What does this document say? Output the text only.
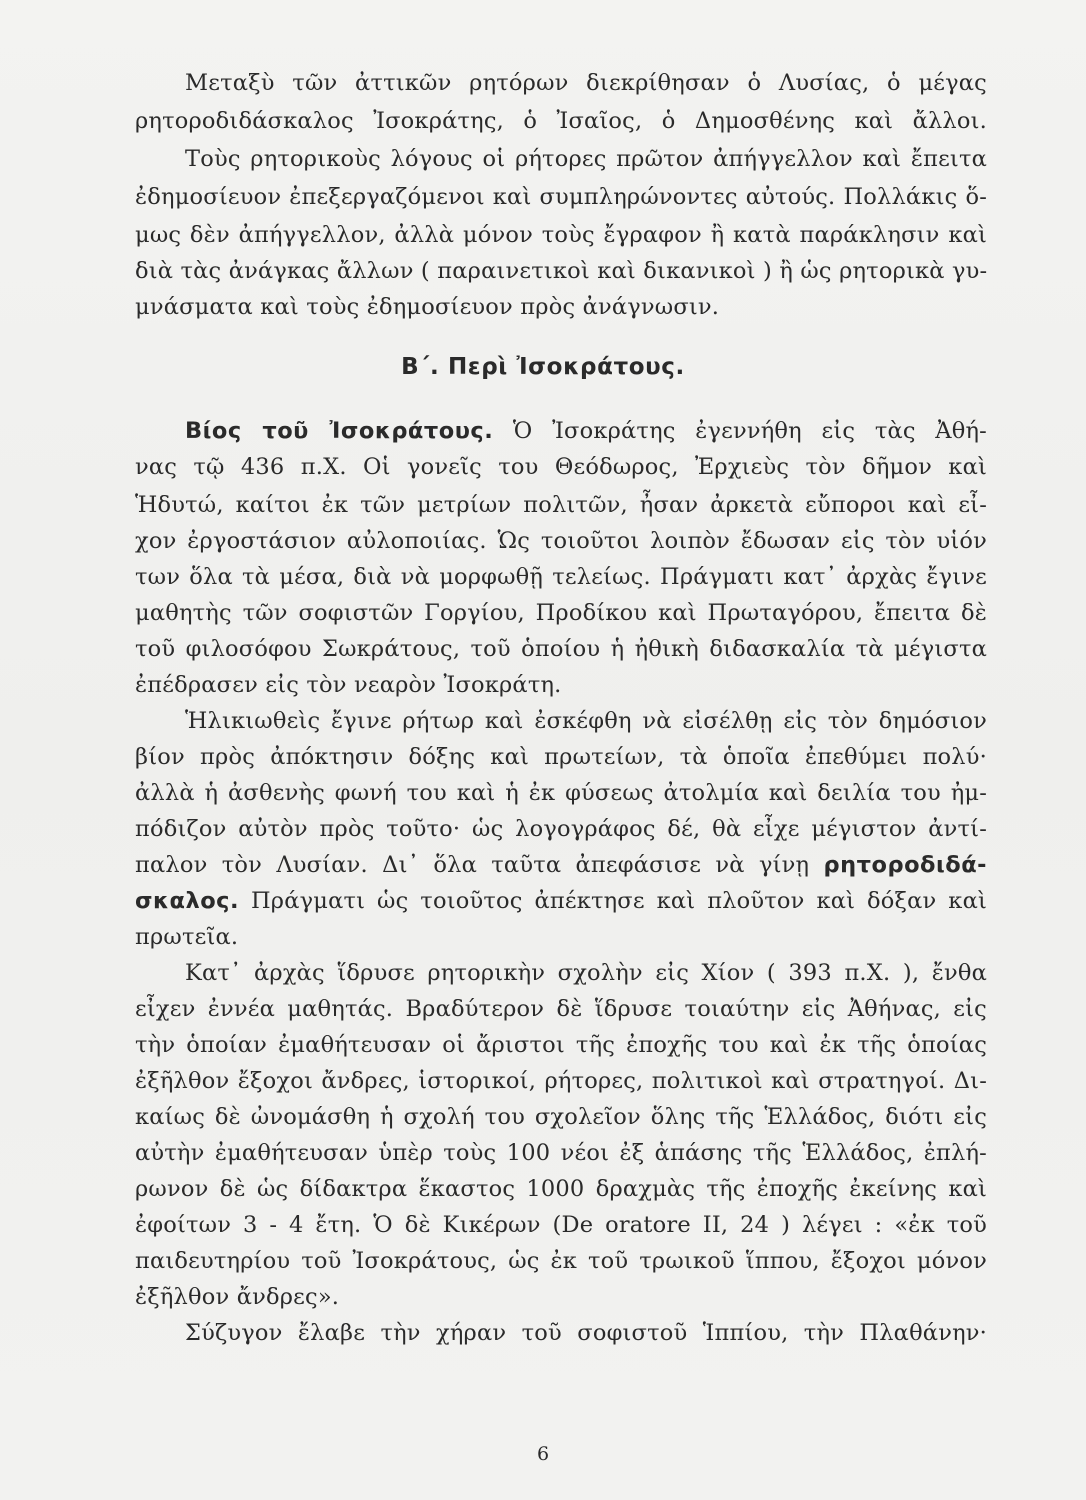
Μεταξὺ τῶν ἀττικῶν ρητόρων διεκρίθησαν ὁ Λυσίας, ὁ μέγας
ρητοροδιδάσκαλος Ἰσοκράτης, ὁ Ἰσαῖος, ὁ Δημοσθένης καὶ ἄλλοι.
Τοὺς ρητορικοὺς λόγους οἱ ρήτορες πρῶτον ἀπήγγελλον καὶ ἔπειτα
ἐδημοσίευον ἐπεξεργαζόμενοι καὶ συμπληρώνοντες αὐτούς. Πολλάκις ὅ-
μως δὲν ἀπήγγελλον, ἀλλὰ μόνον τοὺς ἔγραφον ἢ κατὰ παράκλησιν καὶ
διὰ τὰς ἀνάγκας ἄλλων ( παραινετικοὶ καὶ δικανικοὶ ) ἢ ὡς ρητορικὰ γυ-
μνάσματα καὶ τοὺς ἐδημοσίευον πρὸς ἀνάγνωσιν.
Β΄. Περὶ Ἰσοκράτους.
Βίος τοῦ Ἰσοκράτους. Ὁ Ἰσοκράτης ἐγεννήθη εἰς τὰς Ἀθή-
νας τῷ 436 π.Χ. Οἱ γονεῖς του Θεόδωρος, Ἐρχιεὺς τὸν δῆμον καὶ
Ἡδυτώ, καίτοι ἐκ τῶν μετρίων πολιτῶν, ἦσαν ἀρκετὰ εὔποροι καὶ εἶ-
χον ἐργοστάσιον αὐλοποιίας. Ὡς τοιοῦτοι λοιπὸν ἔδωσαν εἰς τὸν υἱόν
των ὅλα τὰ μέσα, διὰ νὰ μορφωθῇ τελείως. Πράγματι κατ᾽ ἀρχὰς ἔγινε
μαθητὴς τῶν σοφιστῶν Γοργίου, Προδίκου καὶ Πρωταγόρου, ἔπειτα δὲ
τοῦ φιλοσόφου Σωκράτους, τοῦ ὁποίου ἡ ἠθικὴ διδασκαλία τὰ μέγιστα
ἐπέδρασεν εἰς τὸν νεαρὸν Ἰσοκράτη.
Ἡλικιωθεὶς ἔγινε ρήτωρ καὶ ἐσκέφθη νὰ εἰσέλθῃ εἰς τὸν δημόσιον
βίον πρὸς ἀπόκτησιν δόξης καὶ πρωτείων, τὰ ὁποῖα ἐπεθύμει πολύ·
ἀλλὰ ἡ ἀσθενὴς φωνή του καὶ ἡ ἐκ φύσεως ἀτολμία καὶ δειλία του ἠμ-
πόδιζον αὐτὸν πρὸς τοῦτο· ὡς λογογράφος δέ, θὰ εἶχε μέγιστον ἀντί-
παλον τὸν Λυσίαν. Δι᾽ ὅλα ταῦτα ἀπεφάσισε νὰ γίνῃ ρητοροδιδά-
σκαλος. Πράγματι ὡς τοιοῦτος ἀπέκτησε καὶ πλοῦτον καὶ δόξαν καὶ
πρωτεῖα.
Κατ᾽ ἀρχὰς ἵδρυσε ρητορικὴν σχολὴν εἰς Χίον ( 393 π.Χ. ), ἔνθα
εἶχεν ἐννέα μαθητάς. Βραδύτερον δὲ ἵδρυσε τοιαύτην εἰς Ἀθήνας, εἰς
τὴν ὁποίαν ἐμαθήτευσαν οἱ ἄριστοι τῆς ἐποχῆς του καὶ ἐκ τῆς ὁποίας
ἐξῆλθον ἔξοχοι ἄνδρες, ἱστορικοί, ρήτορες, πολιτικοὶ καὶ στρατηγοί. Δι-
καίως δὲ ὠνομάσθη ἡ σχολή του σχολεῖον ὅλης τῆς Ἑλλάδος, διότι εἰς
αὐτὴν ἐμαθήτευσαν ὑπὲρ τοὺς 100 νέοι ἐξ ἁπάσης τῆς Ἑλλάδος, ἐπλή-
ρωνον δὲ ὡς δίδακτρα ἕκαστος 1000 δραχμὰς τῆς ἐποχῆς ἐκείνης καὶ
ἐφοίτων 3 - 4 ἔτη. Ὁ δὲ Κικέρων (De oratore II, 24 ) λέγει : «ἐκ τοῦ
παιδευτηρίου τοῦ Ἰσοκράτους, ὡς ἐκ τοῦ τρωικοῦ ἵππου, ἔξοχοι μόνον
ἐξῆλθον ἄνδρες».
Σύζυγον ἔλαβε τὴν χήραν τοῦ σοφιστοῦ Ἱππίου, τὴν Πλαθάνην·
6
